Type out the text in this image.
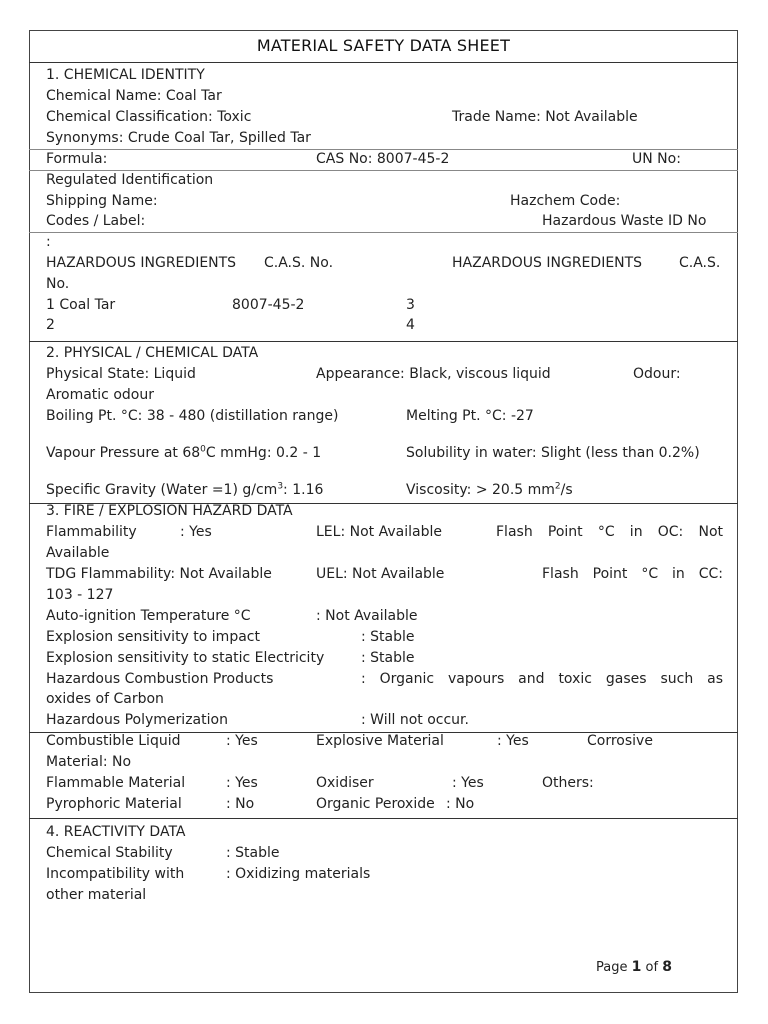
MATERIAL SAFETY DATA SHEET
1. CHEMICAL IDENTITY
Chemical Name: Coal Tar
Chemical Classification: Toxic	Trade Name: Not Available
Synonyms: Crude Coal Tar, Spilled Tar
Formula:	CAS No: 8007-45-2	UN No:
Regulated Identification
Shipping Name:	Hazchem Code:
Codes / Label:	Hazardous Waste ID No
:
HAZARDOUS INGREDIENTS C.A.S. No.	HAZARDOUS INGREDIENTS	C.A.S.
No.
1 Coal Tar	8007-45-2	3
2	4
2. PHYSICAL / CHEMICAL DATA
Physical State: Liquid	Appearance: Black, viscous liquid	Odour:
Aromatic odour
Boiling Pt. °C: 38 - 480 (distillation range)	Melting Pt. °C: -27
Vapour Pressure at $68^0C$ mmHg: 0.2 - 1	Solubility in water: Slight (less than 0.2%)
Specific Gravity (Water =1) $g/cm^3$: 1.16	Viscosity: > 20.5 $mm^2/s$
3. FIRE / EXPLOSION HAZARD DATA
Flammability	: Yes	LEL: Not Available	Flash Point °C in OC: Not
Available
TDG Flammability: Not Available	UEL: Not Available	Flash Point °C in CC:
103 - 127
Auto-ignition Temperature °C	: Not Available
Explosion sensitivity to impact	: Stable
Explosion sensitivity to static Electricity	: Stable
Hazardous Combustion Products	: Organic vapours and toxic gases such as
oxides of Carbon
Hazardous Polymerization	: Will not occur.
Combustible Liquid	: Yes	Explosive Material	: Yes	Corrosive
Material: No
Flammable Material	: Yes	Oxidiser	: Yes	Others:
Pyrophoric Material	: No	Organic Peroxide : No
4. REACTIVITY DATA
Chemical Stability	: Stable
Incompatibility with	: Oxidizing materials
other material
Page 1 of 8
